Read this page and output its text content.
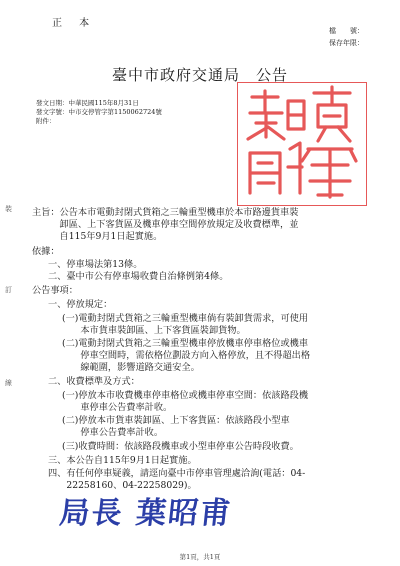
正 本
檔　　號：
保存年限：
臺中市政府交通局　公告
發文日期：中華民國115年8月31日
發文字號：中市交停管字第1150062724號
附件：
裝
訂
線
主旨：公告本市電動封閉式貨箱之三輪重型機車於本市路邊貨車裝
　　　卸區、上下客貨區及機車停車空間停放規定及收費標準，並
　　　自115年9月1日起實施。
依據：
一、停車場法第13條。
二、臺中市公有停車場收費自治條例第4條。
公告事項：
一、停放規定：
(一)電動封閉式貨箱之三輪重型機車倘有裝卸貨需求，可使用
　　本市貨車裝卸區、上下客貨區裝卸貨物。
(二)電動封閉式貨箱之三輪重型機車停放機車停車格位或機車
　　停車空間時，需依格位劃設方向入格停放，且不得超出格
　　線範圍，影響道路交通安全。
二、收費標準及方式：
(一)停放本市收費機車停車格位或機車停車空間：依該路段機
　　車停車公告費率計收。
(二)停放本市貨車裝卸區、上下客貨區：依該路段小型車
　　停車公告費率計收。
(三)收費時間：依該路段機車或小型車停車公告時段收費。
三、本公告自115年9月1日起實施。
四、有任何停車疑義，請逕向臺中市停車管理處洽詢(電話：04-
　　22258160、04-22258029)。
局長 葉昭甫
第1頁，共1頁
